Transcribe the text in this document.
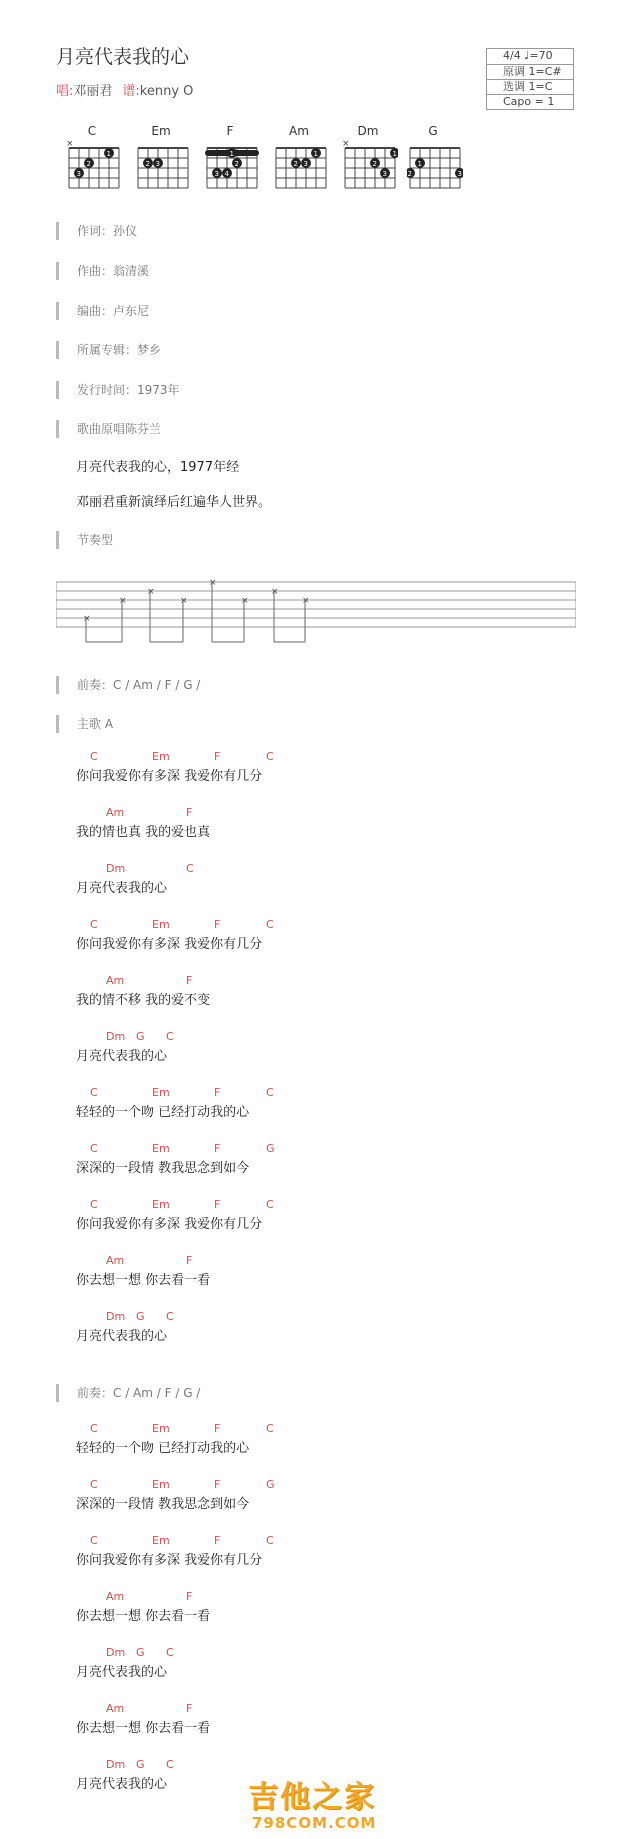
月亮代表我的心
唱:邓丽君 谱:kenny O
4/4 ♩=70
原调 1=C#
选调 1=C
Capo = 1
C
×
1
2
3
Em
2 3
F
1
2
3 4
Am
1
2 3
Dm
×
1
2
3
G
1
2	3
作词：孙仪
作曲：翁清溪
编曲：卢东尼
所属专辑：梦乡
发行时间：1973年
歌曲原唱陈芬兰
月亮代表我的心，1977年经
邓丽君重新演绎后红遍华人世界。
节奏型
×
×
×
×
×
×
×
×
前奏：C / Am / F / G /
主歌 A
C	Em	F	C
你问我爱你有多深 我爱你有几分
Am	F
我的情也真 我的爱也真
Dm	C
月亮代表我的心
C	Em	F	C
你问我爱你有多深 我爱你有几分
Am	F
我的情不移 我的爱不变
Dm G C
月亮代表我的心
C	Em	F	C
轻轻的一个吻 已经打动我的心
C	Em	F	G
深深的一段情 教我思念到如今
C	Em	F	C
你问我爱你有多深 我爱你有几分
Am	F
你去想一想 你去看一看
Dm G C
月亮代表我的心
C	Em	F	C
轻轻的一个吻 已经打动我的心
C	Em	F	G
深深的一段情 教我思念到如今
C	Em	F	C
你问我爱你有多深 我爱你有几分
Am	F
你去想一想 你去看一看
Dm G C
月亮代表我的心
Am	F
你去想一想 你去看一看
Dm G C
月亮代表我的心
前奏：C / Am / F / G /
吉他之家
798COM.COM
